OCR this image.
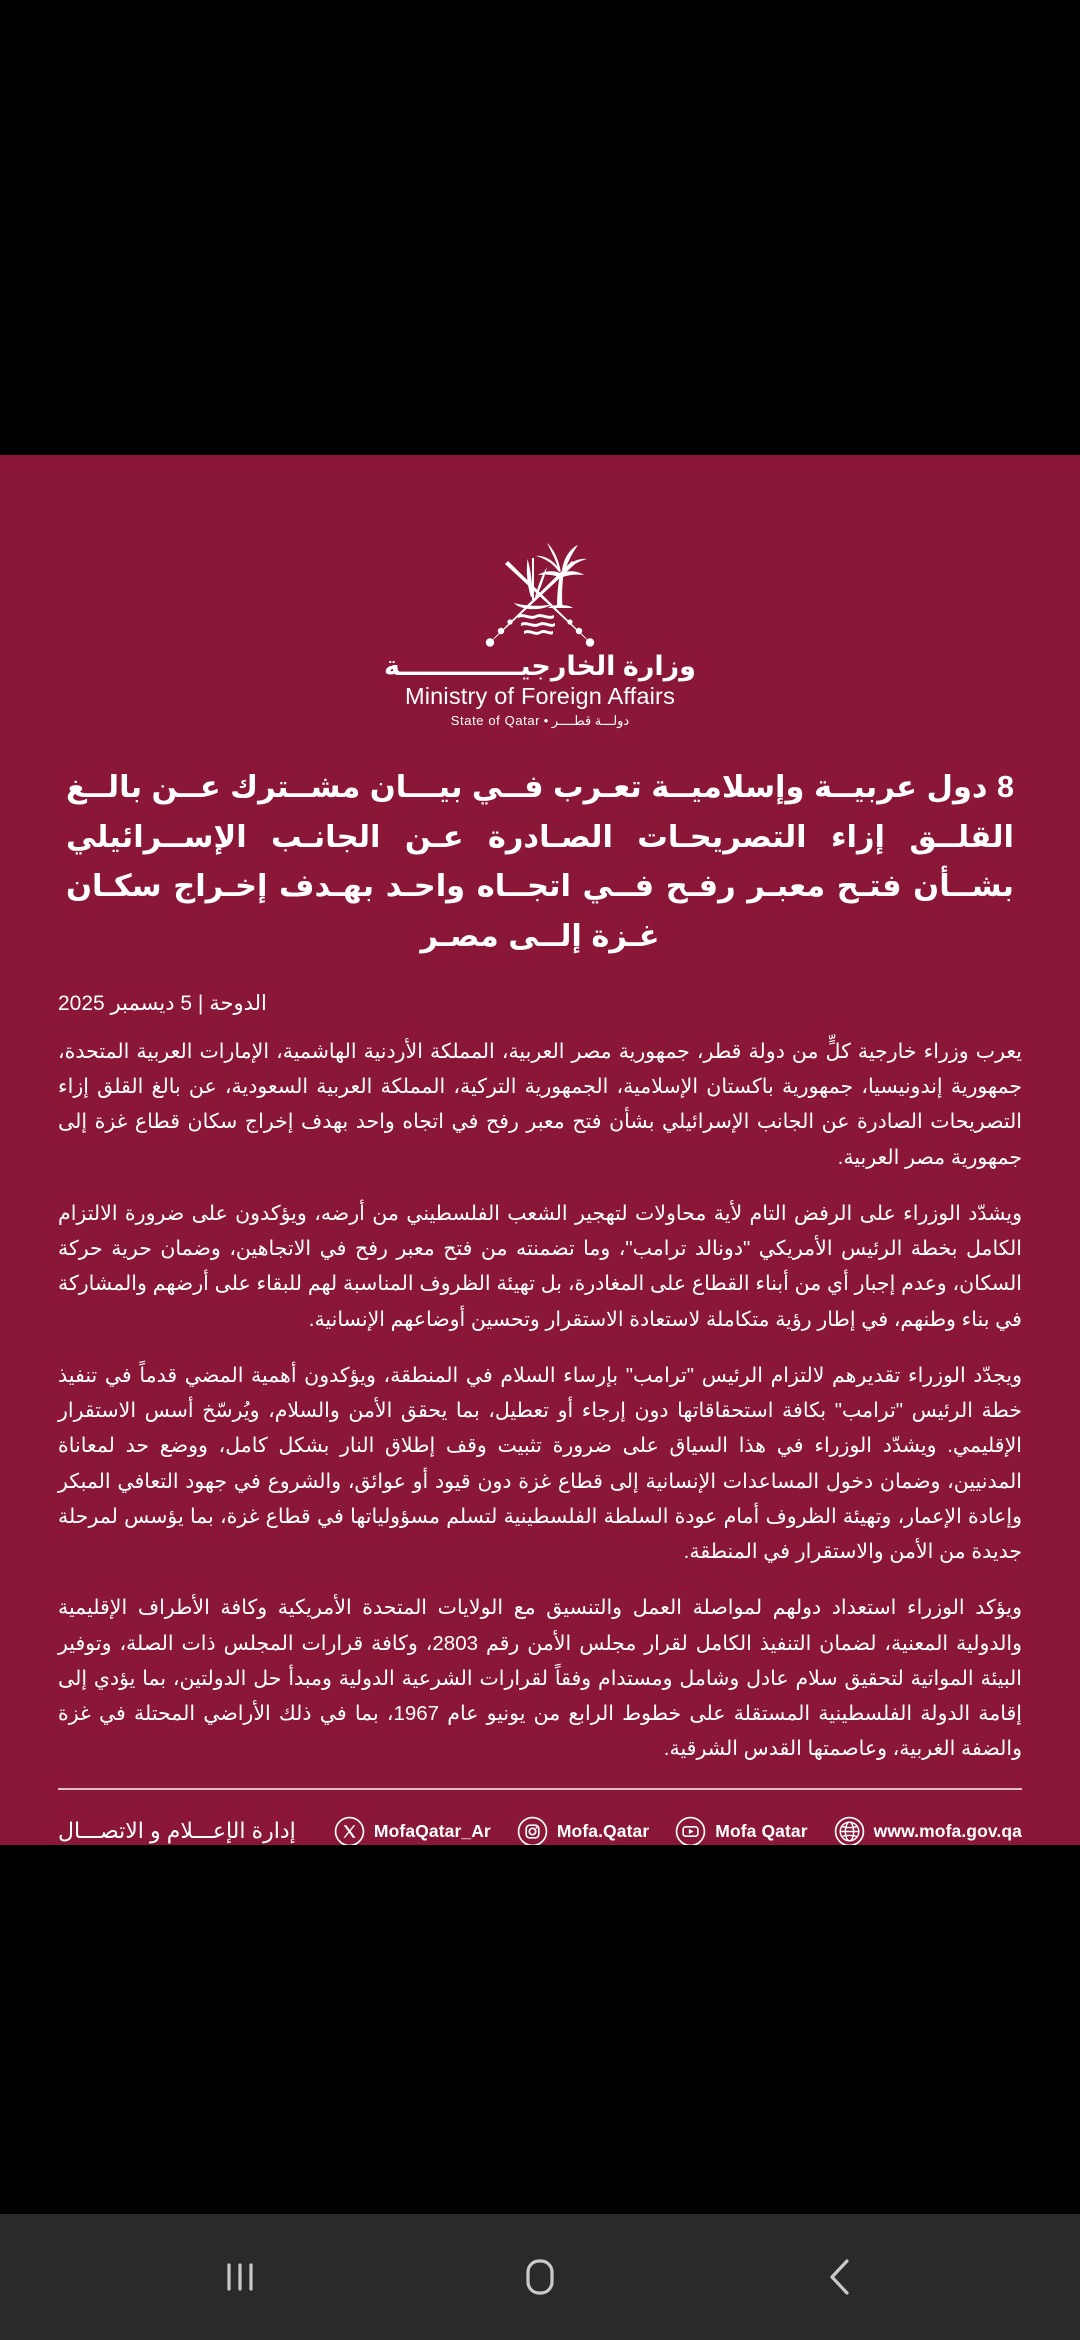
وزارة الخارجيـــــــــــــة
Ministry of Foreign Affairs
دولـــة قطــــر • State of Qatar
8 دول عربيــة وإسلاميــة تعـرب فــي بيـــان مشــترك عــن بالــغ القلــق إزاء التصريحـات الصـادرة عـن الجانـب الإســرائيلي بشــأن فتـح معبـر رفـح فــي اتجــاه واحـد بهـدف إخـراج سكـان غـزة إلــى مصـر
الدوحة | 5 ديسمبر 2025

يعرب وزراء خارجية كلٍّ من دولة قطر، جمهورية مصر العربية، المملكة الأردنية الهاشمية، الإمارات العربية المتحدة، جمهورية إندونيسيا، جمهورية باكستان الإسلامية، الجمهورية التركية، المملكة العربية السعودية، عن بالغ القلق إزاء التصريحات الصادرة عن الجانب الإسرائيلي بشأن فتح معبر رفح في اتجاه واحد بهدف إخراج سكان قطاع غزة إلى جمهورية مصر العربية.

ويشدّد الوزراء على الرفض التام لأية محاولات لتهجير الشعب الفلسطيني من أرضه، ويؤكدون على ضرورة الالتزام الكامل بخطة الرئيس الأمريكي "دونالد ترامب"، وما تضمنته من فتح معبر رفح في الاتجاهين، وضمان حرية حركة السكان، وعدم إجبار أي من أبناء القطاع على المغادرة، بل تهيئة الظروف المناسبة لهم للبقاء على أرضهم والمشاركة في بناء وطنهم، في إطار رؤية متكاملة لاستعادة الاستقرار وتحسين أوضاعهم الإنسانية.

ويجدّد الوزراء تقديرهم لالتزام الرئيس "ترامب" بإرساء السلام في المنطقة، ويؤكدون أهمية المضي قدماً في تنفيذ خطة الرئيس "ترامب" بكافة استحقاقاتها دون إرجاء أو تعطيل، بما يحقق الأمن والسلام، ويُرسّخ أسس الاستقرار الإقليمي. ويشدّد الوزراء في هذا السياق على ضرورة تثبيت وقف إطلاق النار بشكل كامل، ووضع حد لمعاناة المدنيين، وضمان دخول المساعدات الإنسانية إلى قطاع غزة دون قيود أو عوائق، والشروع في جهود التعافي المبكر وإعادة الإعمار، وتهيئة الظروف أمام عودة السلطة الفلسطينية لتسلم مسؤولياتها في قطاع غزة، بما يؤسس لمرحلة جديدة من الأمن والاستقرار في المنطقة.

ويؤكد الوزراء استعداد دولهم لمواصلة العمل والتنسيق مع الولايات المتحدة الأمريكية وكافة الأطراف الإقليمية والدولية المعنية، لضمان التنفيذ الكامل لقرار مجلس الأمن رقم 2803، وكافة قرارات المجلس ذات الصلة، وتوفير البيئة المواتية لتحقيق سلام عادل وشامل ومستدام وفقاً لقرارات الشرعية الدولية ومبدأ حل الدولتين، بما يؤدي إلى إقامة الدولة الفلسطينية المستقلة على خطوط الرابع من يونيو عام 1967، بما في ذلك الأراضي المحتلة في غزة والضفة الغربية، وعاصمتها القدس الشرقية.

إدارة الإعـــلام و الاتصـــال	MofaQatar_Ar	Mofa.Qatar	Mofa Qatar	www.mofa.gov.qa
